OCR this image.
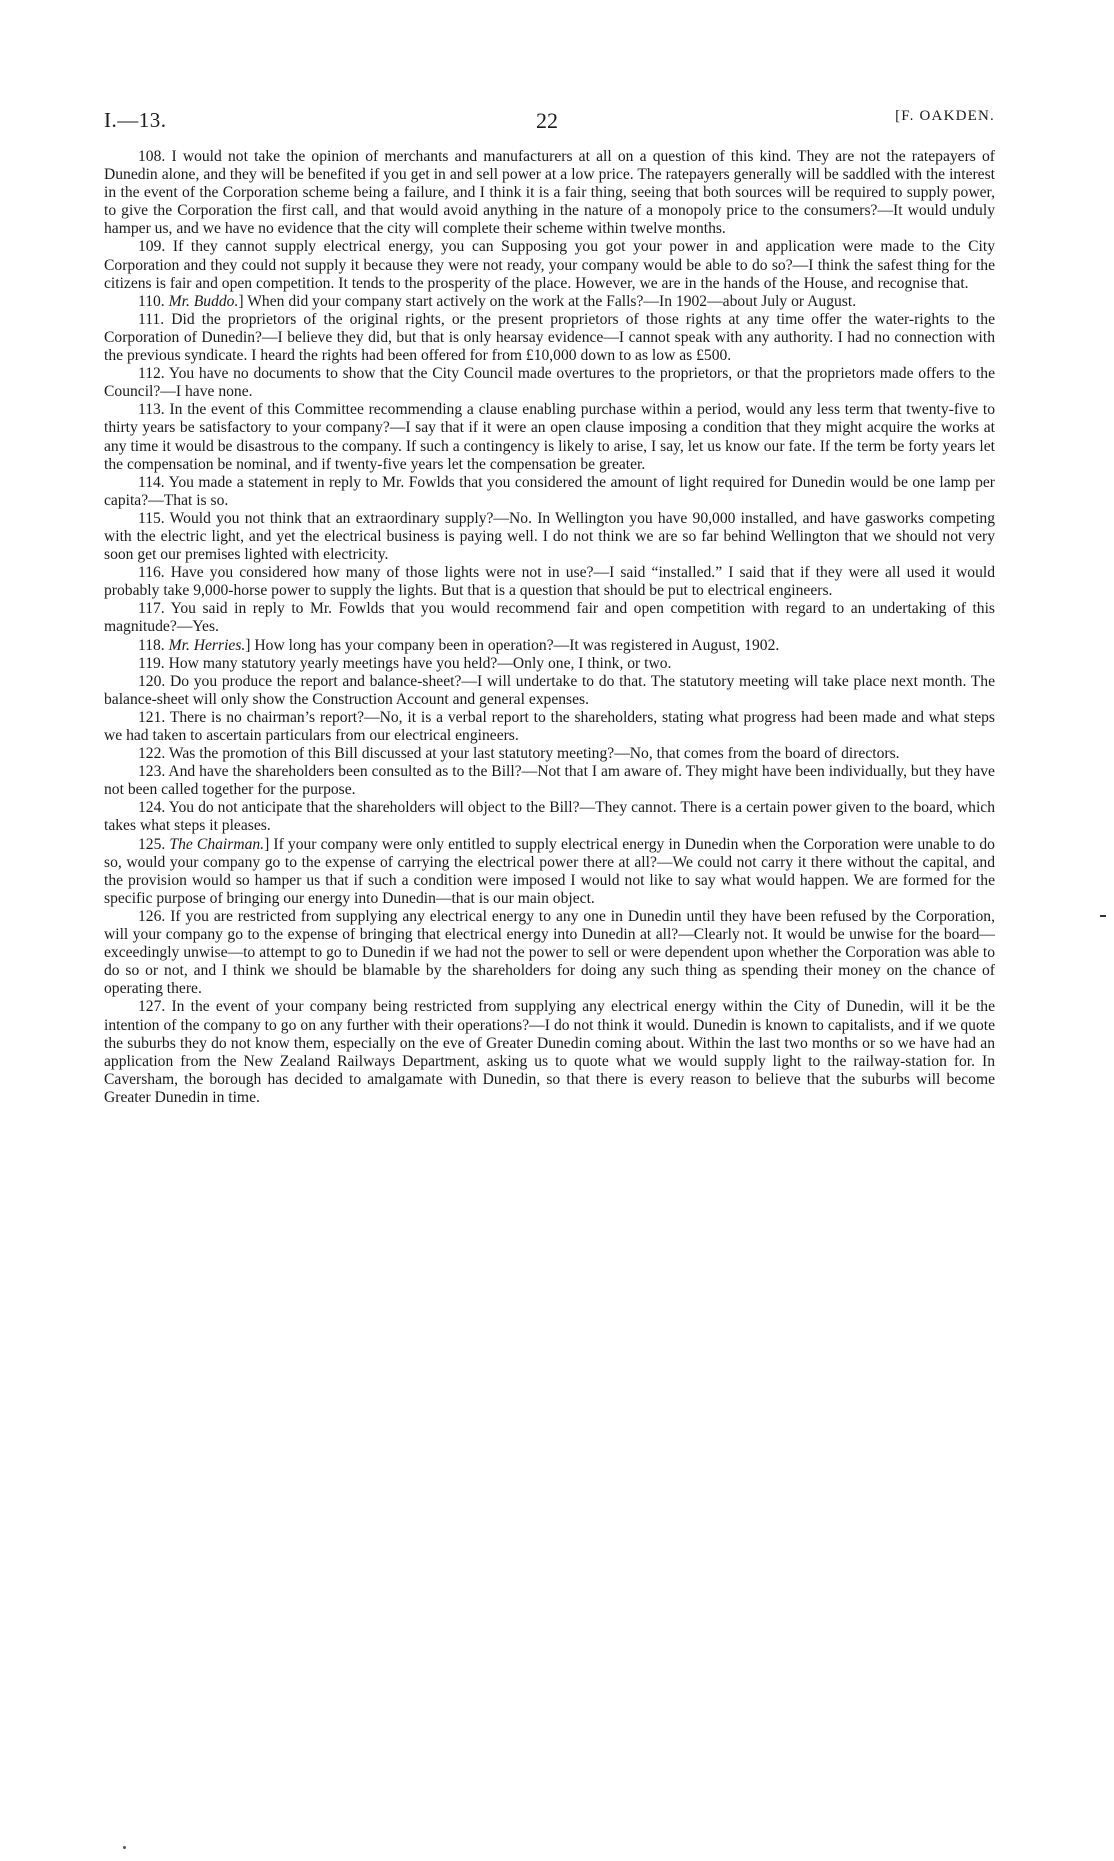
I.—13.	22	[F. OAKDEN.

108. I would not take the opinion of merchants and manufacturers at all on a question of this kind. They are not the ratepayers of Dunedin alone, and they will be benefited if you get in and sell power at a low price. The ratepayers generally will be saddled with the interest in the event of the Corporation scheme being a failure, and I think it is a fair thing, seeing that both sources will be required to supply power, to give the Corporation the first call, and that would avoid anything in the nature of a monopoly price to the consumers?—It would unduly hamper us, and we have no evidence that the city will complete their scheme within twelve months.

109. If they cannot supply electrical energy, you can Supposing you got your power in and application were made to the City Corporation and they could not supply it because they were not ready, your company would be able to do so?—I think the safest thing for the citizens is fair and open competition. It tends to the prosperity of the place. However, we are in the hands of the House, and recognise that.

110. Mr. Buddo.] When did your company start actively on the work at the Falls?—In 1902—about July or August.

111. Did the proprietors of the original rights, or the present proprietors of those rights at any time offer the water-rights to the Corporation of Dunedin?—I believe they did, but that is only hearsay evidence—I cannot speak with any authority. I had no connection with the previous syndicate. I heard the rights had been offered for from £10,000 down to as low as £500.

112. You have no documents to show that the City Council made overtures to the proprietors, or that the proprietors made offers to the Council?—I have none.

113. In the event of this Committee recommending a clause enabling purchase within a period, would any less term that twenty-five to thirty years be satisfactory to your company?—I say that if it were an open clause imposing a condition that they might acquire the works at any time it would be disastrous to the company. If such a contingency is likely to arise, I say, let us know our fate. If the term be forty years let the compensation be nominal, and if twenty-five years let the compensation be greater.

114. You made a statement in reply to Mr. Fowlds that you considered the amount of light required for Dunedin would be one lamp per capita?—That is so.

115. Would you not think that an extraordinary supply?—No. In Wellington you have 90,000 installed, and have gasworks competing with the electric light, and yet the electrical business is paying well. I do not think we are so far behind Wellington that we should not very soon get our premises lighted with electricity.

116. Have you considered how many of those lights were not in use?—I said “installed.” I said that if they were all used it would probably take 9,000-horse power to supply the lights. But that is a question that should be put to electrical engineers.

117. You said in reply to Mr. Fowlds that you would recommend fair and open competition with regard to an undertaking of this magnitude?—Yes.

118. Mr. Herries.] How long has your company been in operation?—It was registered in August, 1902.

119. How many statutory yearly meetings have you held?—Only one, I think, or two.

120. Do you produce the report and balance-sheet?—I will undertake to do that. The statutory meeting will take place next month. The balance-sheet will only show the Construction Account and general expenses.

121. There is no chairman’s report?—No, it is a verbal report to the shareholders, stating what progress had been made and what steps we had taken to ascertain particulars from our electrical engineers.

122. Was the promotion of this Bill discussed at your last statutory meeting?—No, that comes from the board of directors.

123. And have the shareholders been consulted as to the Bill?—Not that I am aware of. They might have been individually, but they have not been called together for the purpose.

124. You do not anticipate that the shareholders will object to the Bill?—They cannot. There is a certain power given to the board, which takes what steps it pleases.

125. The Chairman.] If your company were only entitled to supply electrical energy in Dunedin when the Corporation were unable to do so, would your company go to the expense of carrying the electrical power there at all?—We could not carry it there without the capital, and the provision would so hamper us that if such a condition were imposed I would not like to say what would happen. We are formed for the specific purpose of bringing our energy into Dunedin—that is our main object.

126. If you are restricted from supplying any electrical energy to any one in Dunedin until they have been refused by the Corporation, will your company go to the expense of bringing that electrical energy into Dunedin at all?—Clearly not. It would be unwise for the board—exceedingly unwise—to attempt to go to Dunedin if we had not the power to sell or were dependent upon whether the Corporation was able to do so or not, and I think we should be blamable by the shareholders for doing any such thing as spending their money on the chance of operating there.

127. In the event of your company being restricted from supplying any electrical energy within the City of Dunedin, will it be the intention of the company to go on any further with their operations?—I do not think it would. Dunedin is known to capitalists, and if we quote the suburbs they do not know them, especially on the eve of Greater Dunedin coming about. Within the last two months or so we have had an application from the New Zealand Railways Department, asking us to quote what we would supply light to the railway-station for. In Caversham, the borough has decided to amalgamate with Dunedin, so that there is every reason to believe that the suburbs will become Greater Dunedin in time.
